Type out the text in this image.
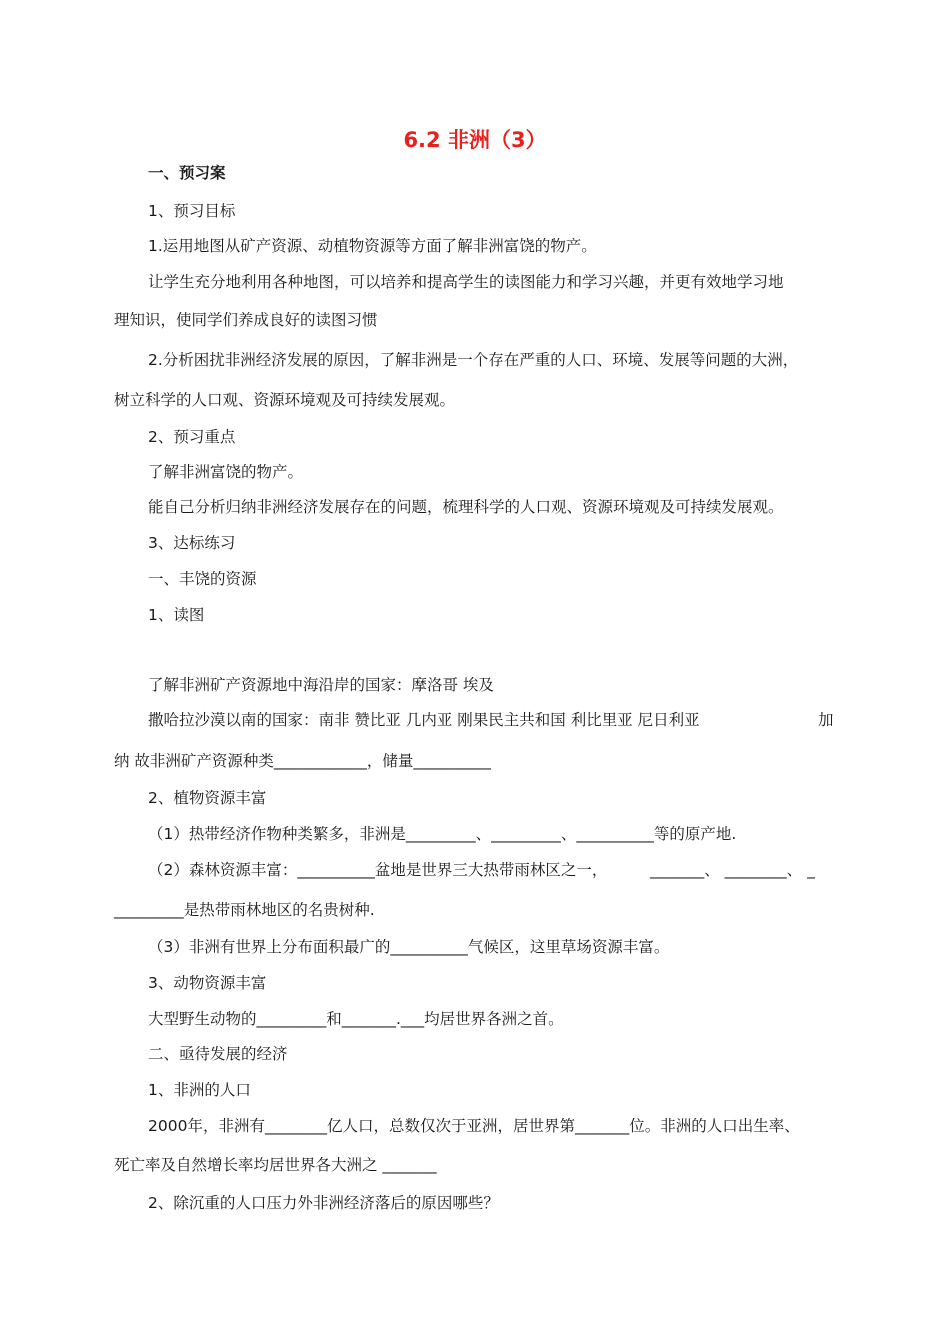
6.2 非洲（3）
一、预习案
1、预习目标
1.运用地图从矿产资源、动植物资源等方面了解非洲富饶的物产。
让学生充分地利用各种地图，可以培养和提高学生的读图能力和学习兴趣，并更有效地学习地
理知识，使同学们养成良好的读图习惯
2.分析困扰非洲经济发展的原因，了解非洲是一个存在严重的人口、环境、发展等问题的大洲，
树立科学的人口观、资源环境观及可持续发展观。
2、预习重点
了解非洲富饶的物产。
能自己分析归纳非洲经济发展存在的问题，梳理科学的人口观、资源环境观及可持续发展观。
3、达标练习
一、丰饶的资源
1、读图
了解非洲矿产资源地中海沿岸的国家：摩洛哥 埃及
撒哈拉沙漠以南的国家：南非 赞比亚 几内亚 刚果民主共和国 利比里亚 尼日利亚	加
纳 故非洲矿产资源种类____________，储量__________
2、植物资源丰富
（1）热带经济作物种类繁多，非洲是_________、_________、__________等的原产地.
（2）森林资源丰富：__________盆地是世界三大热带雨林区之一，	_______、 ________、 _
_________是热带雨林地区的名贵树种.
（3）非洲有世界上分布面积最广的__________气候区，这里草场资源丰富。
3、动物资源丰富
大型野生动物的_________和_______.___均居世界各洲之首。
二、亟待发展的经济
1、非洲的人口
2000年，非洲有________亿人口，总数仅次于亚洲，居世界第_______位。非洲的人口出生率、
死亡率及自然增长率均居世界各大洲之 _______
2、除沉重的人口压力外非洲经济落后的原因哪些？
